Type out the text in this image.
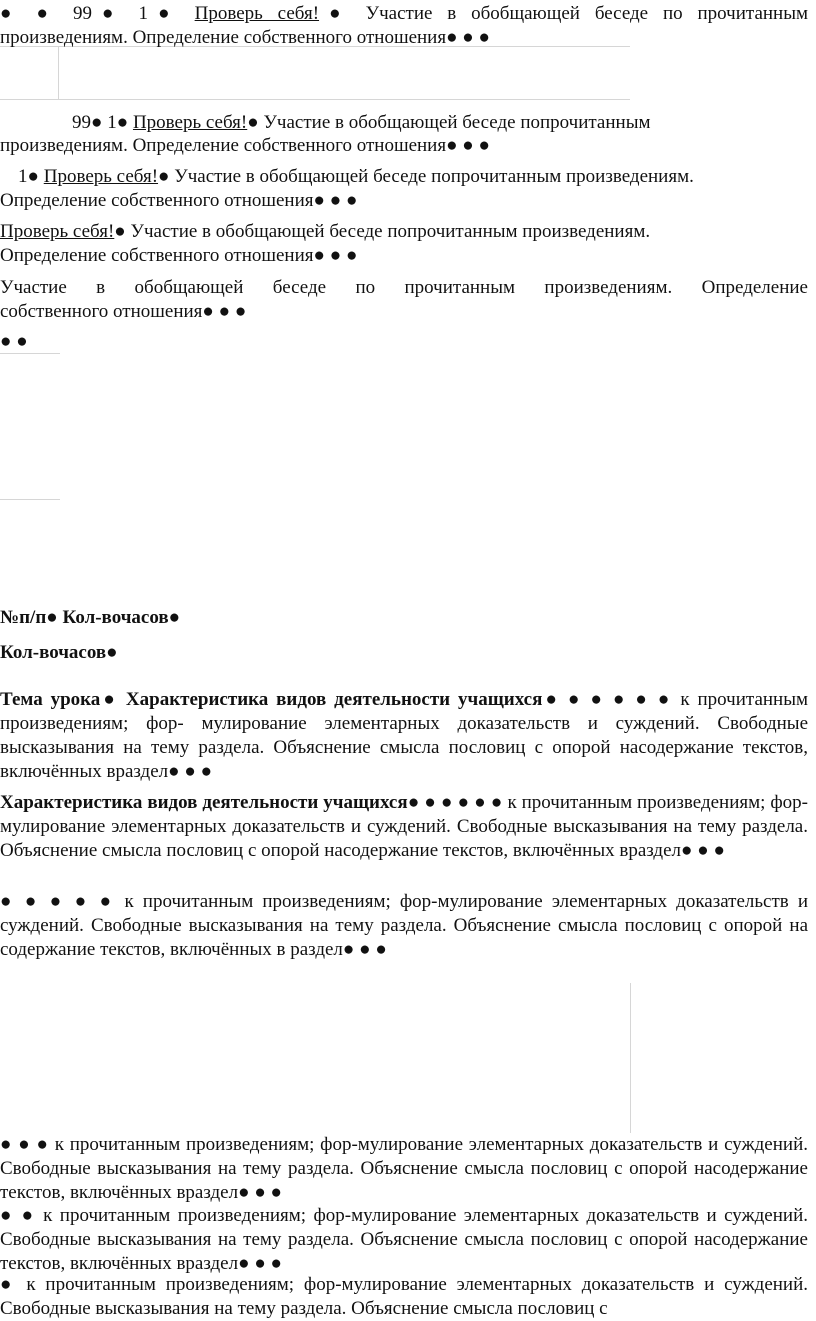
● ● 99● 1● Проверь себя!● Участие в обобщающей беседе по прочитанным

произведениям. Определение собственного отношения● ● ●

99● 1● Проверь себя!● Участие в обобщающей беседе попрочитанным

произведениям. Определение собственного отношения● ● ●

1● Проверь себя!● Участие в обобщающей беседе попрочитанным произведениям.

Определение собственного отношения● ● ●

Проверь себя!● Участие в обобщающей беседе попрочитанным произведениям.

Определение собственного отношения● ● ●

Участие в обобщающей беседе по прочитанным произведениям. Определение

собственного отношения● ● ●

● ●

№п/п● Кол-вочасов●

Кол-вочасов●

Тема урока● Характеристика видов деятельности учащихся● ● ● ● ● ● к прочитанным произведениям; фор- мулирование элементарных доказательств и суждений. Свободные высказывания на тему раздела. Объяснение смысла пословиц с опорой насодержание текстов, включённых враздел● ● ●

Характеристика видов деятельности учащихся● ● ● ● ● ● к прочитанным произведениям; фор- мулирование элементарных доказательств и суждений. Свободные высказывания на тему раздела. Объяснение смысла пословиц с опорой насодержание текстов, включённых враздел● ● ●

● ● ● ● ● к прочитанным произведениям; фор-мулирование элементарных доказательств и суждений. Свободные высказывания на тему раздела. Объяснение смысла пословиц с опорой на содержание текстов, включённых в раздел● ● ●

● ● ● к прочитанным произведениям; фор-мулирование элементарных доказательств и суждений. Свободные высказывания на тему раздела. Объяснение смысла пословиц с опорой насодержание текстов, включённых враздел● ● ●

● ● к прочитанным произведениям; фор-мулирование элементарных доказательств и суждений. Свободные высказывания на тему раздела. Объяснение смысла пословиц с опорой насодержание текстов, включённых враздел● ● ●

● к прочитанным произведениям; фор-мулирование элементарных доказательств и суждений. Свободные высказывания на тему раздела. Объяснение смысла пословиц с
